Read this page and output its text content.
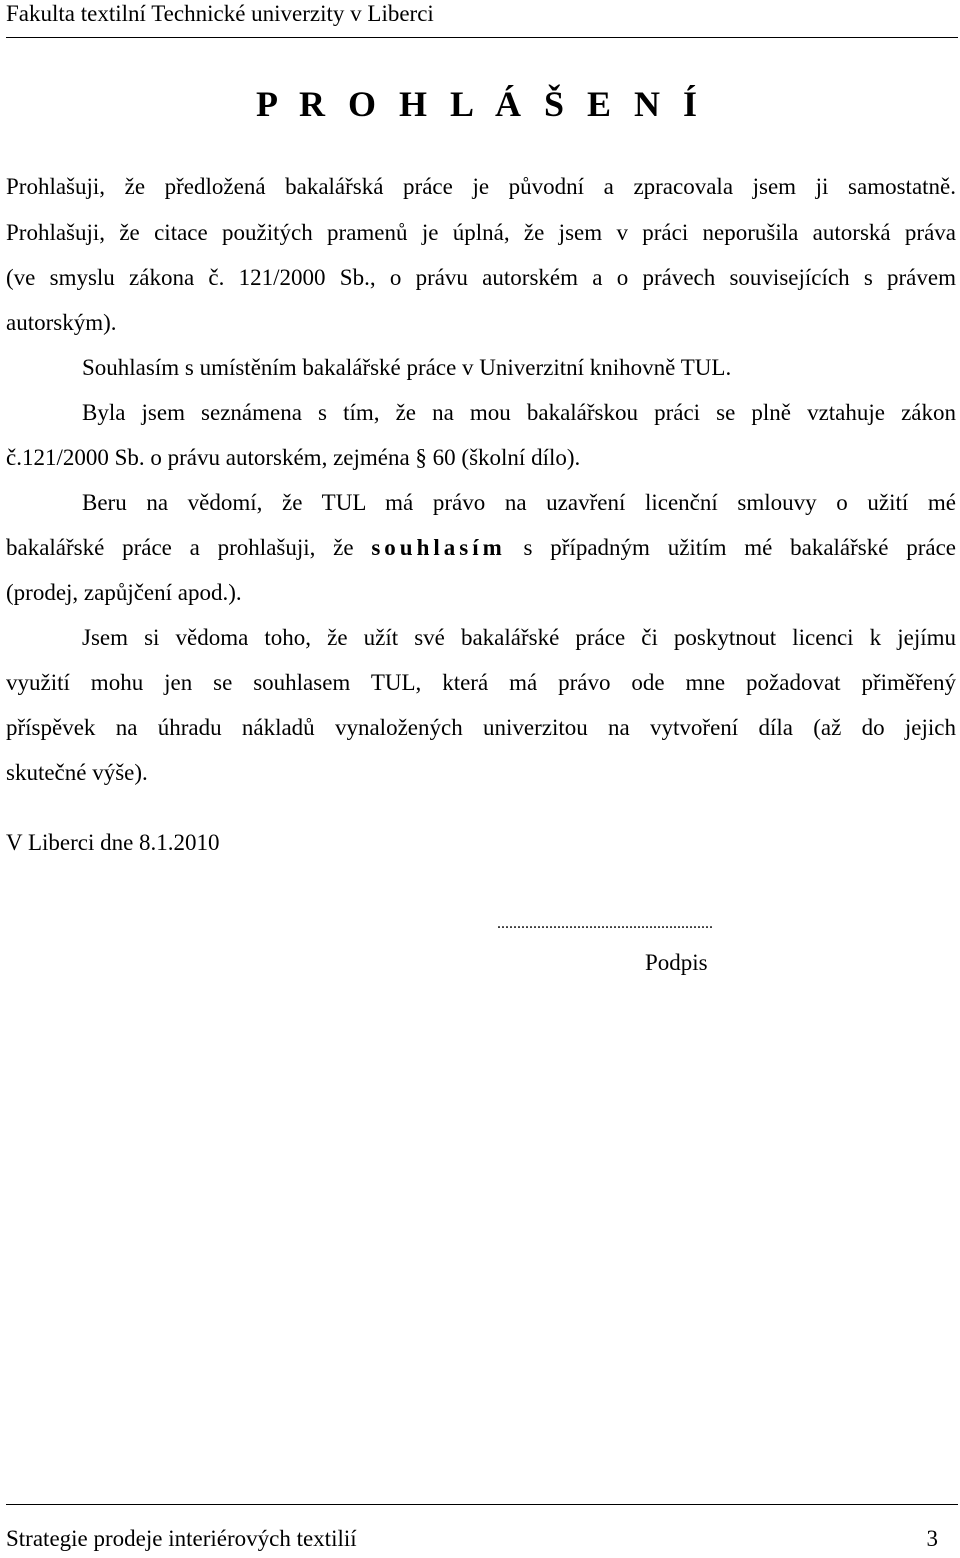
Fakulta textilní Technické univerzity v Liberci
P R O H L Á Š E N Í
Prohlašuji, že předložená bakalářská práce je původní a zpracovala jsem ji samostatně.
Prohlašuji, že citace použitých pramenů je úplná, že jsem v práci neporušila autorská práva
(ve smyslu zákona č. 121/2000 Sb., o právu autorském a o právech souvisejících s právem
autorským).
Souhlasím s umístěním bakalářské práce v Univerzitní knihovně TUL.
Byla jsem seznámena s tím, že na mou bakalářskou práci se plně vztahuje zákon
č.121/2000 Sb. o právu autorském, zejména § 60 (školní dílo).
Beru na vědomí, že TUL má právo na uzavření licenční smlouvy o užití mé
bakalářské práce a prohlašuji, že souhlasím s případným užitím mé bakalářské práce
(prodej, zapůjčení apod.).
Jsem si vědoma toho, že užít své bakalářské práce či poskytnout licenci k jejímu
využití mohu jen se souhlasem TUL, která má právo ode mne požadovat přiměřený
příspěvek na úhradu nákladů vynaložených univerzitou na vytvoření díla (až do jejich
skutečné výše).
V Liberci dne 8.1.2010
......................................................
Podpis
Strategie prodeje interiérových textilií	3
